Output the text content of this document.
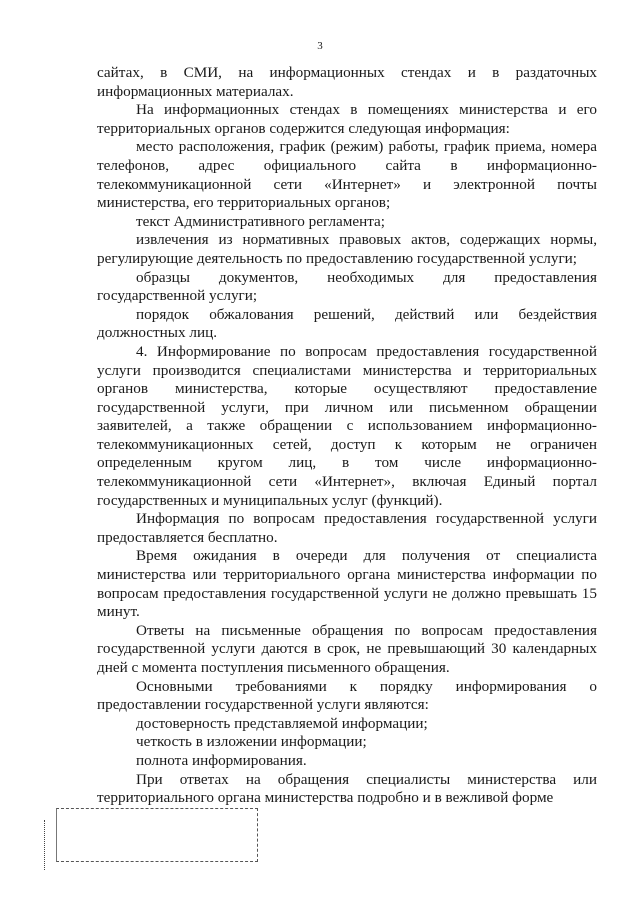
3

сайтах, в СМИ, на информационных стендах и в раздаточных информационных материалах.

На информационных стендах в помещениях министерства и его территориальных органов содержится следующая информация:

место расположения, график (режим) работы, график приема, номера телефонов, адрес официального сайта в информационно-телекоммуникационной сети «Интернет» и электронной почты министерства, его территориальных органов;

текст Административного регламента;

извлечения из нормативных правовых актов, содержащих нормы, регулирующие деятельность по предоставлению государственной услуги;

образцы документов, необходимых для предоставления государственной услуги;

порядок обжалования решений, действий или бездействия должностных лиц.

4. Информирование по вопросам предоставления государственной услуги производится специалистами министерства и территориальных органов министерства, которые осуществляют предоставление государственной услуги, при личном или письменном обращении заявителей, а также обращении с использованием информационно-телекоммуникационных сетей, доступ к которым не ограничен определенным кругом лиц, в том числе информационно-телекоммуникационной сети «Интернет», включая Единый портал государственных и муниципальных услуг (функций).

Информация по вопросам предоставления государственной услуги предоставляется бесплатно.

Время ожидания в очереди для получения от специалиста министерства или территориального органа министерства информации по вопросам предоставления государственной услуги не должно превышать 15 минут.

Ответы на письменные обращения по вопросам предоставления государственной услуги даются в срок, не превышающий 30 календарных дней с момента поступления письменного обращения.

Основными требованиями к порядку информирования о предоставлении государственной услуги являются:

достоверность представляемой информации;

четкость в изложении информации;

полнота информирования.

При ответах на обращения специалисты министерства или территориального органа министерства подробно и в вежливой форме
